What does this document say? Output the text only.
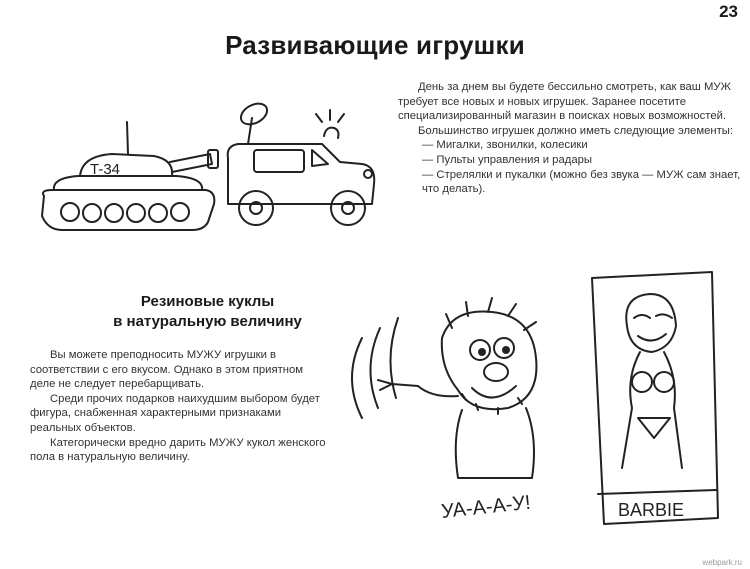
23
Развивающие игрушки
T-34

День за днем вы будете бессильно смотреть, как ваш МУЖ требует все новых и новых игрушек. Заранее посетите специализированный магазин в поисках новых возможностей.

Большинство игрушек должно иметь следующие элементы:

— Мигалки, звонилки, колесики

— Пульты управления и радары

— Стрелялки и пукалки (можно без звука — МУЖ сам знает, что делать).

Резиновые куклы
в натуральную величину

Вы можете преподносить МУЖУ игрушки в соответствии с его вкусом. Однако в этом приятном деле не следует перебарщивать.

Среди прочих подарков наихудшим выбором будет фигура, снабженная характерными признаками реальных объектов.

Категорически вредно дарить МУЖУ кукол женского пола в натуральную величину.

УА-А-А-У!	BARBIE
webpark.ru
